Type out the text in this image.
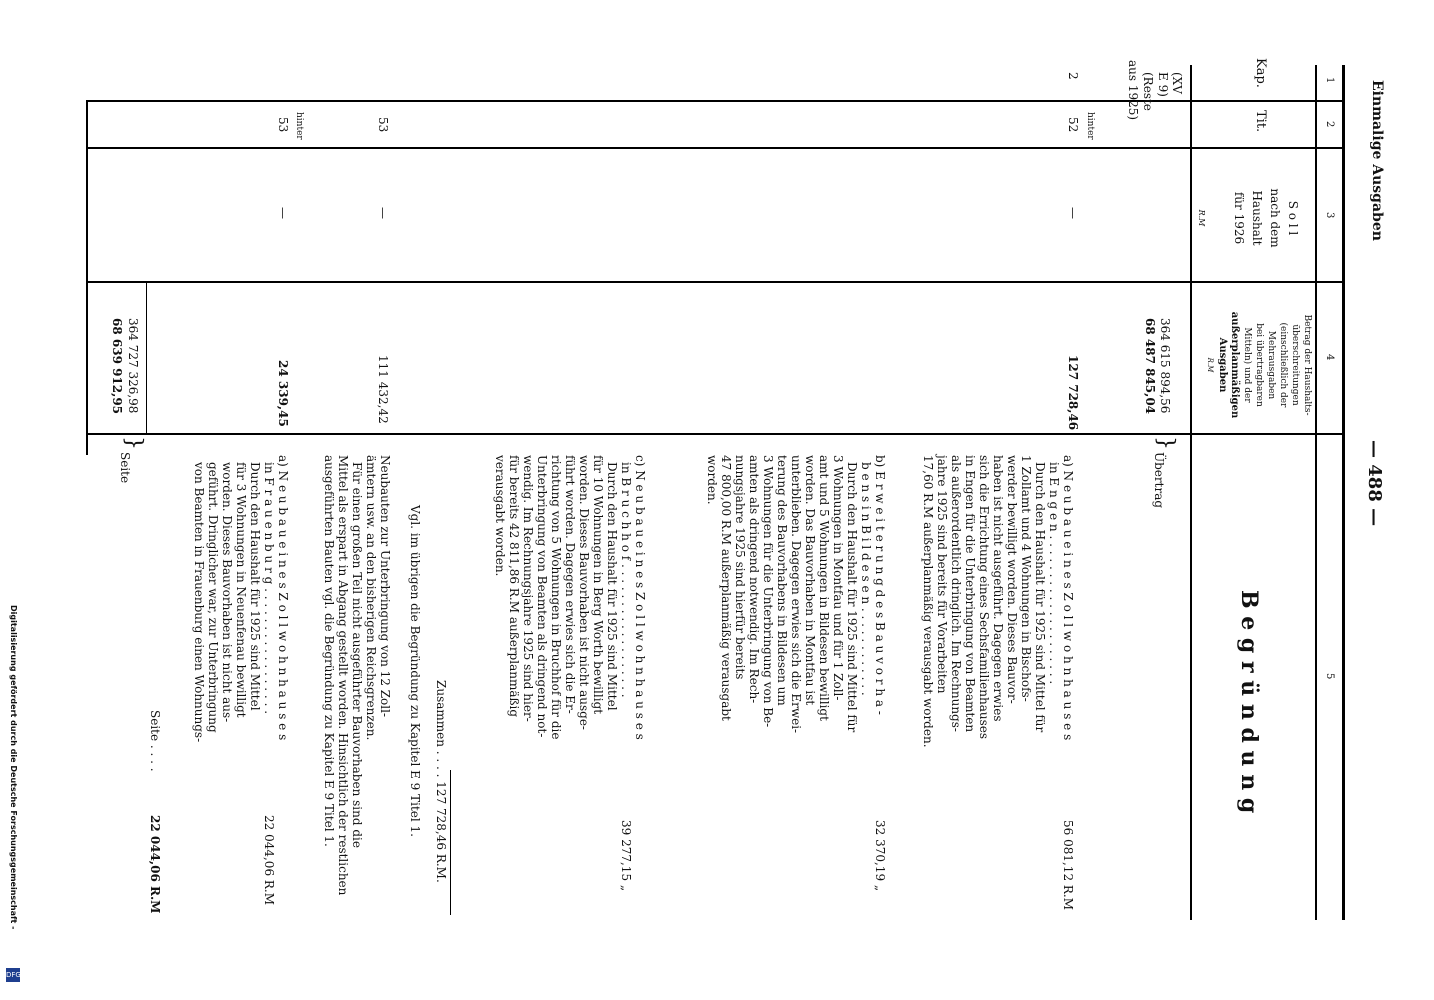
1
2
3
4
5
Einmalige Ausgaben
— 488 —
Kap.
Tit.
S o l l
nach dem
Haushalt
für 1926
R.M
Betrag der Haushalts-
überschreitungen
(einschließlich der
Mehrausgaben
bei übertragbaren
Mitteln) und der
außerplanmäßigen
Ausgaben
R.M
B e g r ü n d u n g
(XV
E 9)
(Reste
aus 1925)
2
hinter
52
53
hinter
53
—
—
—
364 615 894,56
68 487 845,04
}
Übertrag
127 728,46
111 432,42
24 339,45
364 727 326,98
68 639 912,95
}
Seite	a) N e u b a u e i n e s Z o l l w o h n h a u s e s
56 081,12 R.M
in E n g e n . . . . . . . . . . . . . . . . . . . .
Durch den Haushalt für 1925 sind Mittel für
1 Zollamt und 4 Wohnungen in Bischofs-
werder bewilligt worden. Dieses Bauvor-
haben ist nicht ausgeführt. Dagegen erwies
sich die Errichtung eines Sechsfamilienhauses
in Engen für die Unterbringung von Beamten
als außerordentlich dringlich. Im Rechnungs-
jahre 1925 sind bereits für Vorarbeiten
17,60 R.M außerplanmäßig verausgabt worden.
b) E r w e i t e r u n g d e s B a u v o r h a -
32 370,19 „
b e n s i n B i l d e s e n . . . . . . . . . . . .
Durch den Haushalt für 1925 sind Mittel für
3 Wohnungen in Montfau und für 1 Zoll-
amt und 5 Wohnungen in Bildesen bewilligt
worden. Das Bauvorhaben in Montfau ist
unterblieben. Dagegen erwies sich die Erwei-
terung des Bauvorhabens in Bildesen um
3 Wohnungen für die Unterbringung von Be-
amten als dringend notwendig. Im Rech-
nungsjahre 1925 sind hierfür bereits
47 800,00 R.M außerplanmäßig verausgabt
worden.
c) N e u b a u e i n e s Z o l l w o h n h a u s e s
39 277,15 „
in B r u c h h o f . . . . . . . . . . . . . . . . . .
Durch den Haushalt für 1925 sind Mittel
für 10 Wohnungen in Berg Worth bewilligt
worden. Dieses Bauvorhaben ist nicht ausge-
führt worden. Dagegen erwies sich die Er-
richtung von 5 Wohnungen in Bruchhof für die
Unterbringung von Beamten als dringend not-
wendig. Im Rechnungsjahre 1925 sind hier-
für bereits 42 811,86 R.M außerplanmäßig
verausgabt worden.
Zusammen . . . . 127 728,46 R.M.
Vgl. im übrigen die Begründung zu Kapitel E 9 Titel 1.
Neubauten zur Unterbringung von 12 Zoll-
ämtern usw. an den bisherigen Reichsgrenzen.
Für einen großen Teil nicht ausgeführter Bauvorhaben sind die
Mittel als erspart in Abgang gestellt worden. Hinsichtlich der restlichen
ausgeführten Bauten vgl. die Begründung zu Kapitel E 9 Titel 1.
a) N e u b a u e i n e s Z o l l w o h n h a u s e s
22 044,06 R.M
in F r a u e n b u r g . . . . . . . . . . . . . . . . .
Durch den Haushalt für 1925 sind Mittel
für 3 Wohnungen in Neuenfenau bewilligt
worden. Dieses Bauvorhaben ist nicht aus-
geführt. Dringlicher war, zur Unterbringung
von Beamten in Frauenburg einen Wohnungs-
Seite . . . .
22 044,06 R.M
Digitalisierung gefördert durch die Deutsche Forschungsgemeinschaft -
DFG
